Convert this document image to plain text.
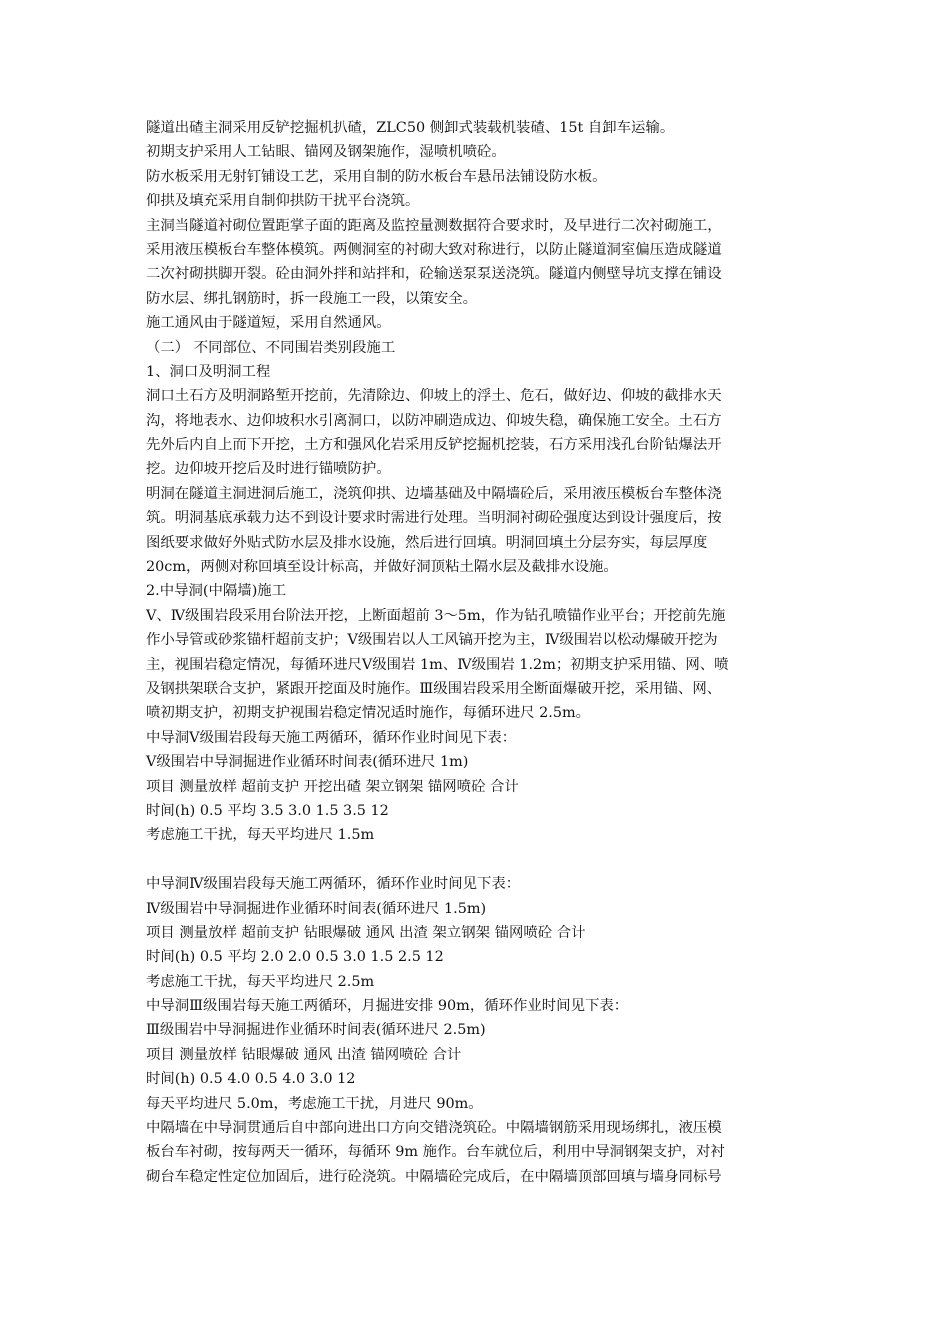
隧道出碴主洞采用反铲挖掘机扒碴，ZLC50 侧卸式装载机装碴、15t 自卸车运输。
初期支护采用人工钻眼、锚网及钢架施作，湿喷机喷砼。
防水板采用无射钉铺设工艺，采用自制的防水板台车悬吊法铺设防水板。
仰拱及填充采用自制仰拱防干扰平台浇筑。
主洞当隧道衬砌位置距掌子面的距离及监控量测数据符合要求时，及早进行二次衬砌施工，
采用液压模板台车整体模筑。两侧洞室的衬砌大致对称进行，以防止隧道洞室偏压造成隧道
二次衬砌拱脚开裂。砼由洞外拌和站拌和，砼输送泵泵送浇筑。隧道内侧壁导坑支撑在铺设
防水层、绑扎钢筋时，拆一段施工一段，以策安全。
施工通风由于隧道短，采用自然通风。
（二） 不同部位、不同围岩类别段施工
1、洞口及明洞工程
洞口土石方及明洞路堑开挖前，先清除边、仰坡上的浮土、危石，做好边、仰坡的截排水天
沟，将地表水、边仰坡积水引离洞口，以防冲刷造成边、仰坡失稳，确保施工安全。土石方
先外后内自上而下开挖，土方和强风化岩采用反铲挖掘机挖装，石方采用浅孔台阶钻爆法开
挖。边仰坡开挖后及时进行锚喷防护。
明洞在隧道主洞进洞后施工，浇筑仰拱、边墙基础及中隔墙砼后，采用液压模板台车整体浇
筑。明洞基底承载力达不到设计要求时需进行处理。当明洞衬砌砼强度达到设计强度后，按
图纸要求做好外贴式防水层及排水设施，然后进行回填。明洞回填土分层夯实，每层厚度
20cm，两侧对称回填至设计标高，并做好洞顶粘土隔水层及截排水设施。
2.中导洞(中隔墙)施工
Ⅴ、Ⅳ级围岩段采用台阶法开挖，上断面超前 3～5m，作为钻孔喷锚作业平台；开挖前先施
作小导管或砂浆锚杆超前支护；Ⅴ级围岩以人工风镐开挖为主，Ⅳ级围岩以松动爆破开挖为
主，视围岩稳定情况，每循环进尺Ⅴ级围岩 1m、Ⅳ级围岩 1.2m；初期支护采用锚、网、喷
及钢拱架联合支护，紧跟开挖面及时施作。Ⅲ级围岩段采用全断面爆破开挖，采用锚、网、
喷初期支护，初期支护视围岩稳定情况适时施作，每循环进尺 2.5m。
中导洞Ⅴ级围岩段每天施工两循环，循环作业时间见下表：
Ⅴ级围岩中导洞掘进作业循环时间表(循环进尺 1m)
项目 测量放样 超前支护 开挖出碴 架立钢架 锚网喷砼 合计
时间(h) 0.5 平均 3.5 3.0 1.5 3.5 12
考虑施工干扰，每天平均进尺 1.5m
中导洞Ⅳ级围岩段每天施工两循环，循环作业时间见下表：
Ⅳ级围岩中导洞掘进作业循环时间表(循环进尺 1.5m)
项目 测量放样 超前支护 钻眼爆破 通风 出渣 架立钢架 锚网喷砼 合计
时间(h) 0.5 平均 2.0 2.0 0.5 3.0 1.5 2.5 12
考虑施工干扰，每天平均进尺 2.5m
中导洞Ⅲ级围岩每天施工两循环，月掘进安排 90m，循环作业时间见下表：
Ⅲ级围岩中导洞掘进作业循环时间表(循环进尺 2.5m)
项目 测量放样 钻眼爆破 通风 出渣 锚网喷砼 合计
时间(h) 0.5 4.0 0.5 4.0 3.0 12
每天平均进尺 5.0m，考虑施工干扰，月进尺 90m。
中隔墙在中导洞贯通后自中部向进出口方向交错浇筑砼。中隔墙钢筋采用现场绑扎，液压模
板台车衬砌，按每两天一循环，每循环 9m 施作。台车就位后，利用中导洞钢架支护，对衬
砌台车稳定性定位加固后，进行砼浇筑。中隔墙砼完成后，在中隔墙顶部回填与墙身同标号
